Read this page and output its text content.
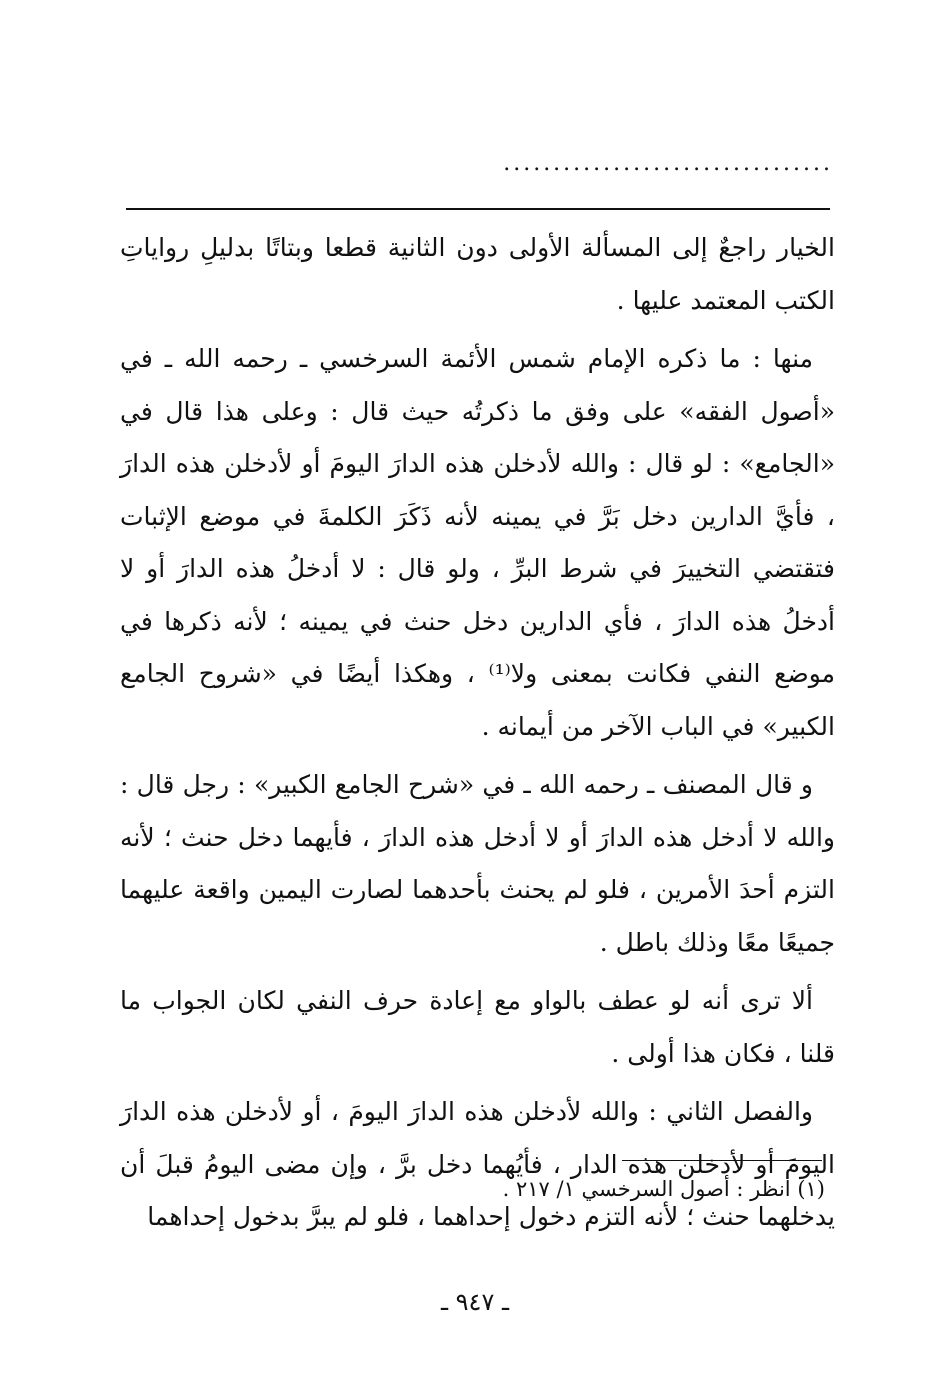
.................................

الخيار راجعٌ إلى المسألة الأولى دون الثانية قطعا وبتاتًا بدليلِ رواياتِ الكتب المعتمد عليها .

منها : ما ذكره الإمام شمس الأئمة السرخسي ـ رحمه الله ـ في «أصول الفقه» على وفق ما ذكرتُه حيث قال : وعلى هذا قال في «الجامع» : لو قال : والله لأدخلن هذه الدارَ اليومَ أو لأدخلن هذه الدارَ ، فأيَّ الدارين دخل بَرَّ في يمينه لأنه ذَكَرَ الكلمةَ في موضع الإثبات فتقتضي التخييرَ في شرط البرِّ ، ولو قال : لا أدخلُ هذه الدارَ أو لا أدخلُ هذه الدارَ ، فأي الدارين دخل حنث في يمينه ؛ لأنه ذكرها في موضع النفي فكانت بمعنى ولا⁽¹⁾ ، وهكذا أيضًا في «شروح الجامع الكبير» في الباب الآخر من أيمانه .

و قال المصنف ـ رحمه الله ـ في «شرح الجامع الكبير» : رجل قال : والله لا أدخل هذه الدارَ أو لا أدخل هذه الدارَ ، فأيهما دخل حنث ؛ لأنه التزم أحدَ الأمرين ، فلو لم يحنث بأحدهما لصارت اليمين واقعة عليهما جميعًا معًا وذلك باطل .

ألا ترى أنه لو عطف بالواو مع إعادة حرف النفي لكان الجواب ما قلنا ، فكان هذا أولى .

والفصل الثاني : والله لأدخلن هذه الدارَ اليومَ ، أو لأدخلن هذه الدارَ اليومَ أو لأدخلن هذه الدار ، فأيُهما دخل برَّ ، وإن مضى اليومُ قبلَ أن يدخلهما حنث ؛ لأنه التزم دخول إحداهما ، فلو لم يبرَّ بدخول إحداهما

(١) انظر : أصول السرخسي ١/ ٢١٧ .
ـ ٩٤٧ ـ
